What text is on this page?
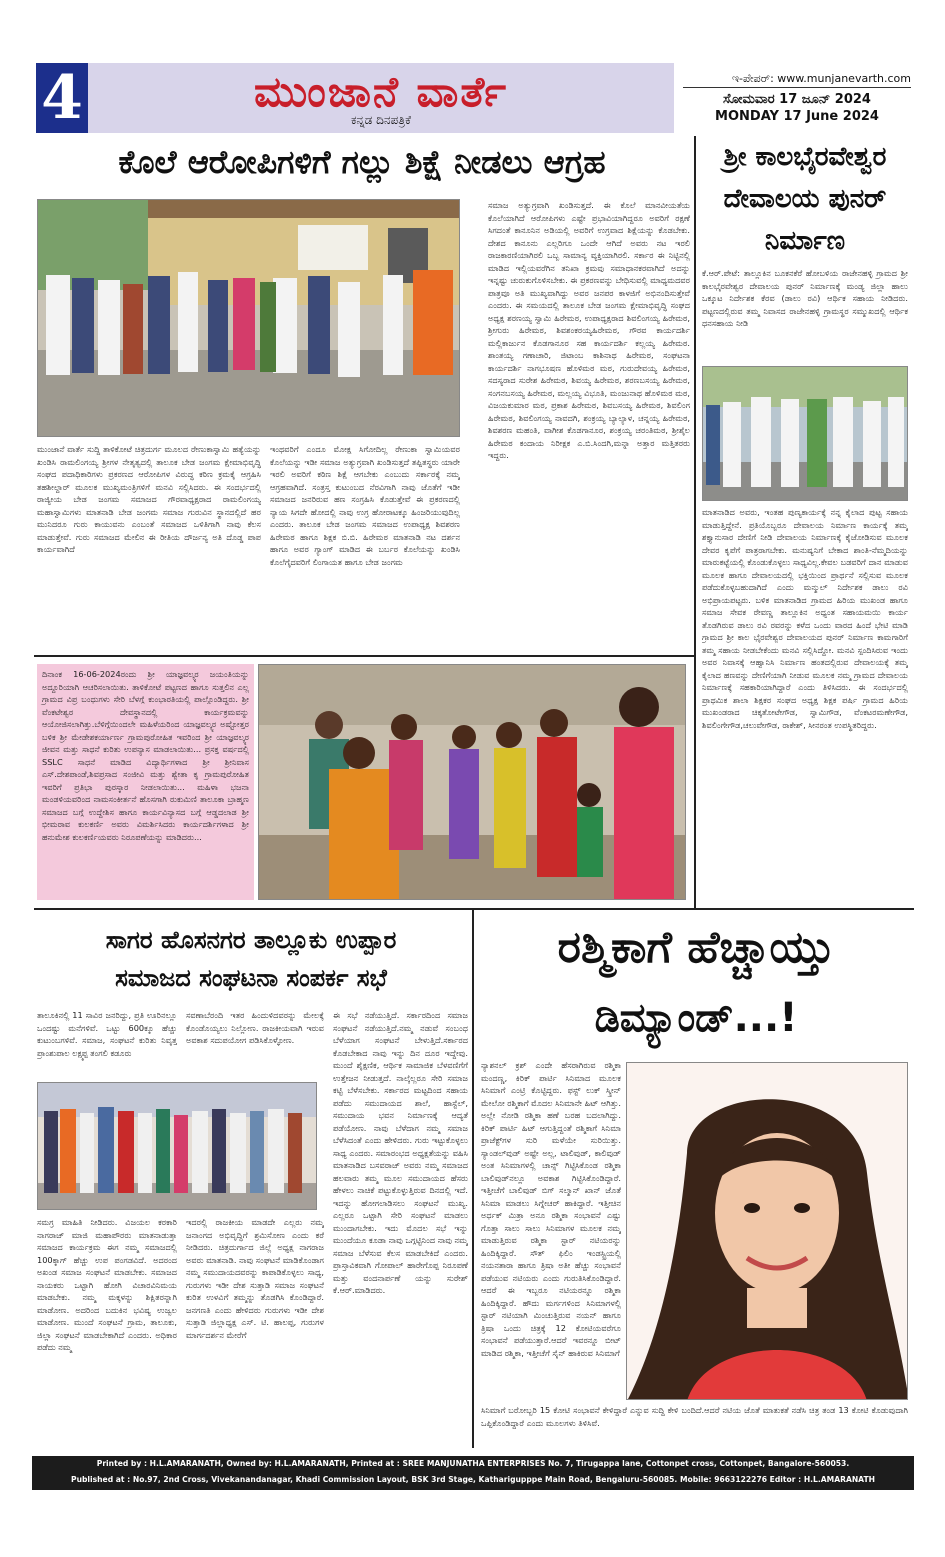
4	ಮುಂಜಾನೆ ವಾರ್ತೆ
ಕನ್ನಡ ದಿನಪತ್ರಿಕೆ
ಇ-ಪೇಪರ್: www.munjanevarth.com
ಸೋಮವಾರ 17 ಜೂನ್ 2024
MONDAY 17 June 2024
ಕೊಲೆ ಆರೋಪಿಗಳಿಗೆ ಗಲ್ಲು ಶಿಕ್ಷೆ ನೀಡಲು ಆಗ್ರಹ

ಮುಂಜಾನೆ ವಾರ್ತೆ ಸುದ್ದಿ ತಾಳಿಕೋಟೆ ಚಿತ್ರದುರ್ಗ ಮೂಲದ ರೇಣುಕಾಸ್ವಾಮಿ ಹತ್ಯೆಯನ್ನು ಖಂಡಿಸಿ ರಾಮಲಿಂಗಯ್ಯ ಶ್ರೀಗಳ ನೇತೃತ್ವದಲ್ಲಿ ತಾಲೂಕ ಬೇಡ ಜಂಗಮ ಕ್ಷೇಮಾಭಿವೃದ್ಧಿ ಸಂಘದ ಪದಾಧಿಕಾರಿಗಳು ಪ್ರಕರಣದ ಆರೋಪಿಗಳ ವಿರುದ್ಧ ಕಠಿಣ ಕ್ರಮಕೈ ಆಗ್ರಹಿಸಿ ತಹಶೀಲ್ದಾರ್ ಮೂಲಕ ಮುಖ್ಯಮಂತ್ರಿಗಳಿಗೆ ಮನವಿ ಸಲ್ಲಿಸಿದರು. ಈ ಸಂದರ್ಭದಲ್ಲಿ ರಾಜ್ಯೀಯ ಬೇಡ ಜಂಗಮ ಸಮಾಜದ ಗೌರವಾಧ್ಯಕ್ಷರಾದ ರಾಮಲಿಂಗಯ್ಯ ಮಹಾಸ್ವಾಮಿಗಳು ಮಾತನಾಡಿ ಬೇಡ ಜಂಗಮ ಸಮಾಜ ಗುರುವಿನ ಸ್ಥಾನದಲ್ಲಿದೆ ಹರ ಮುನಿದರೂ ಗುರು ಕಾಯುವನು ಎಂಬಂತೆ ಸಮಾಜದ ಒಳಿತಿಗಾಗಿ ನಾವು ಕೆಲಸ ಮಾಡುತ್ತೇವೆ. ಗುರು ಸಮಾಜದ ಮೇಲಿನ ಈ ರೀತಿಯ ದೌರ್ಜನ್ಯ ಅತಿ ದೊಡ್ಡ ಪಾಪ ಕಾರ್ಯವಾಗಿದೆ

ಇಂಥವರಿಗೆ ಎಂದೂ ಮೋಕ್ಷ ಸಿಗೋದಿಲ್ಲ ರೇಣುಕಾ ಸ್ವಾಮಿಯವರ ಕೊಲೆಯನ್ನು ಇಡೀ ಸಮಾಜ ಅತ್ಯುಗ್ರವಾಗಿ ಖಂಡಿಸುತ್ತದೆ ತಪ್ಪಿತಸ್ಥರು ಯಾರೇ ಇರಲಿ ಅವರಿಗೆ ಕಠಿಣ ಶಿಕ್ಷೆ ಆಗಬೇಕು ಎಂಬುದು ಸರ್ಕಾರಕ್ಕೆ ನಮ್ಮ ಆಗ್ರಹವಾಗಿದೆ. ಸಂತ್ರಸ್ತ ಕುಟುಂಬದ ನೆರವಿಗಾಗಿ ನಾವು ಜೊತೆಗೆ ಇಡೀ ಸಮಾಜದ ಜನರಿರುವ ಹಣ ಸಂಗ್ರಹಿಸಿ ಕೊಡುತ್ತೇವೆ ಈ ಪ್ರಕರಣದಲ್ಲಿ ನ್ಯಾಯ ಸಿಗದೇ ಹೋದಲ್ಲಿ ನಾವು ಉಗ್ರ ಹೋರಾಟಕ್ಕೂ ಹಿಂಜರಿಯುವುದಿಲ್ಲ ಎಂದರು. ತಾಲೂಕ ಬೇಡ ಜಂಗಮ ಸಮಾಜದ ಉಪಾಧ್ಯಕ್ಷ ಶಿವಶರಣ ಹಿರೇಮಠ ಹಾಗೂ ಶಿಕ್ಷಕ ಬಿ.ಬಿ. ಹಿರೇಮಠ ಮಾತನಾಡಿ ನಟ ದರ್ಶನ ಹಾಗೂ ಅವರ ಗ್ಯಾಂಗ್ ಮಾಡಿದ ಈ ಬರ್ಬರ ಕೊಲೆಯನ್ನು ಖಂಡಿಸಿ ಕೊಲೆಗೈದವರಿಗೆ ಲಿಂಗಾಯತ ಹಾಗೂ ಬೇಡ ಜಂಗಮ

ಸಮಾಜ ಅತ್ಯುಗ್ರವಾಗಿ ಖಂಡಿಸುತ್ತದೆ. ಈ ಕೊಲೆ ಮಾನವೀಯತೆಯ ಕೊಲೆಯಾಗಿದೆ ಆರೋಪಿಗಳು ಎಷ್ಟೇ ಪ್ರಭಾವಿಯಾಗಿದ್ದರೂ ಅವರಿಗೆ ರಕ್ಷಣೆ ಸಿಗದಂತೆ ಕಾನೂನಿನ ಅಡಿಯಲ್ಲಿ ಅವರಿಗೆ ಉಗ್ರವಾದ ಶಿಕ್ಷೆಯನ್ನು ಕೊಡಬೇಕು. ದೇಶದ ಕಾನೂನು ಎಲ್ಲರಿಗೂ ಒಂದೇ ಆಗಿದೆ ಅವರು ನಟ ಇರಲಿ ರಾಜಕಾರಣಿಯಾಗಿರಲಿ ಒಬ್ಬ ಸಾಮಾನ್ಯ ವ್ಯಕ್ತಿಯಾಗಿರಲಿ. ಸರ್ಕಾರ ಈ ನಿಟ್ಟಿನಲ್ಲಿ ಮಾಡಿದ ಇಲ್ಲಿಯವರೆಗಿನ ತನಿಖಾ ಕ್ರಮವು ಸಮಾಧಾನಕರವಾಗಿದೆ ಅದನ್ನು ಇನ್ನಷ್ಟು ಚುರುಕುಗೊಳಿಸಬೇಕು. ಈ ಪ್ರಕರಣವನ್ನು ಬೇಧಿಸುವಲ್ಲಿ ಮಾಧ್ಯಮದವರ ಪಾತ್ರವೂ ಅತಿ ಮುಖ್ಯವಾಗಿದ್ದು ಅವರ ಜನಪರ ಕಾಳಜಿಗೆ ಅಭಿನಂದಿಸುತ್ತೇವೆ ಎಂದರು. ಈ ಸಮಯದಲ್ಲಿ ತಾಲೂಕ ಬೇಡ ಜಂಗಮ ಕ್ಷೇಮಾಭಿವೃದ್ಧಿ ಸಂಘದ ಅಧ್ಯಕ್ಷ ಶರಣಯ್ಯ ಸ್ವಾಮಿ ಹಿರೇಮಠ, ಉಪಾಧ್ಯಕ್ಷರಾದ ಶಿವಲಿಂಗಯ್ಯ ಹಿರೇಮಠ, ಶ್ರೀಗುರು ಹಿರೇಮಠ, ಶಿವಶಂಕರಯ್ಯಹಿರೇಮಠ, ಗೌರವ ಕಾರ್ಯದರ್ಶಿ ಮಲ್ಲಿಕಾರ್ಜುನ ಕೊಡಗಾನೂರ ಸಹ ಕಾರ್ಯದರ್ಶಿ ಕಲ್ಲಯ್ಯ ಹಿರೇಮಠ. ಶಾಂತಯ್ಯ ಗಣಾಚಾರಿ, ಜಿಟಾಂಬ ಕಾಶಿನಾಥ ಹಿರೇಮಠ, ಸಂಘಟನಾ ಕಾರ್ಯದರ್ಶಿ ನಾಗಭೂಷಣ ಹೊಳಿಮಠ ಮಠ, ಗುರುದೇವಯ್ಯ ಹಿರೇಮಠ, ಸದಸ್ಯರಾದ ಸುರೇಶ ಹಿರೇಮಠ, ಶಿವಯ್ಯ ಹಿರೇಮಠ, ಶರಣಬಸಯ್ಯ ಹಿರೇಮಠ, ಸಂಗನಬಸಯ್ಯ ಹಿರೇಮಠ, ಮಲ್ಲಯ್ಯ ವಿಭೂತಿ, ಮಂಜುನಾಥ ಹೊಳಿಮಠ ಮಠ, ವಿಜಯಕುಮಾರ ಮಠ, ಪ್ರಕಾಶ ಹಿರೇಮಠ, ಶಿವಬಸಯ್ಯ ಹಿರೇಮಠ, ಶಿವಲಿಂಗ ಹಿರೇಮಠ, ಶಿವಲಿಂಗಯ್ಯ ನಾವದಗಿ, ಶಂಕ್ರಯ್ಯ ಬ್ಯಾಲ್ಯಾಳ, ಚನ್ನಯ್ಯ ಹಿರೇಮಠ, ಶಿವಶರಣ ಮಹಂತಿ, ವಾಗೀಶ ಕೊಡಗಾನೂರ, ಶಂಕ್ರಯ್ಯ ಚರಂತಿಮಠ, ಶ್ರೀಶೈಲ ಹಿರೇಮಠ ಕಂದಾಯ ನಿರೀಕ್ಷಕ ಎ.ಬಿ.ಸಿಂದಗಿ,ಮನ್ನಾ ಅತ್ತಾರ ಮತ್ತಿತರರು ಇದ್ದರು.

ಶ್ರೀ ಕಾಲಭೈರವೇಶ್ವರ ದೇವಾಲಯ ಪುನರ್ ನಿರ್ಮಾಣ

ಕೆ.ಆರ್.ಪೇಟೆ: ತಾಲ್ಲೂಕಿನ ಬೂಕನಕೆರೆ ಹೋಬಳಿಯ ರಾಜೇನಹಳ್ಳಿ ಗ್ರಾಮದ ಶ್ರೀ ಕಾಲಭೈರವೇಶ್ವರ ದೇವಾಲಯ ಪುನರ್ ನಿರ್ಮಾಣಕ್ಕೆ ಮಂಡ್ಯ ಜಿಲ್ಲಾ ಹಾಲು ಒಕ್ಕೂಟ ನಿರ್ದೇಶಕ ಕೆರವ (ಡಾಲು ರವಿ) ಆರ್ಥಿಕ ಸಹಾಯ ನೀಡಿದರು. ಪಟ್ಟಣದಲ್ಲಿರುವ ತಮ್ಮ ನಿವಾಸದ ರಾಜೇನಹಳ್ಳಿ ಗ್ರಾಮಸ್ಥರ ಸಮ್ಮುಖದಲ್ಲಿ ಆರ್ಥಿಕ ಧನಸಹಾಯ ನೀಡಿ

ಮಾತನಾಡಿದ ಅವರು, ಇಂತಹ ಪುಣ್ಯಕಾರ್ಯಕ್ಕೆ ನನ್ನ ಕೈಲಾದ ಪುಟ್ಟ ಸಹಾಯ ಮಾಡುತ್ತಿದ್ದೇನೆ. ಪ್ರತಿಯೊಬ್ಬರೂ ದೇವಾಲಯ ನಿರ್ಮಾಣ ಕಾರ್ಯಕ್ಕೆ ತಮ್ಮ ಶಕ್ತ್ಯಾನುಸಾರ ದೇಣಿಗೆ ನೀಡಿ ದೇವಾಲಯ ನಿರ್ಮಾಣಕ್ಕೆ ಕೈಜೋಡಿಸುವ ಮೂಲಕ ದೇವರ ಕೃಪೆಗೆ ಪಾತ್ರರಾಗಬೇಕು. ಮನುಷ್ಯನಿಗೆ ಬೇಕಾದ ಶಾಂತಿ-ನೆಮ್ಮದಿಯನ್ನು ಮಾರುಕಟ್ಟೆಯಲ್ಲಿ ಕೊಂಡುಕೊಳ್ಳಲು ಸಾಧ್ಯವಿಲ್ಲ.ಕೇವಲ ಬಡವರಿಗೆ ದಾನ ಮಾಡುವ ಮೂಲಕ ಹಾಗೂ ದೇವಾಲಯದಲ್ಲಿ ಭಕ್ತಿಯಿಂದ ಪ್ರಾರ್ಥನೆ ಸಲ್ಲಿಸುವ ಮೂಲಕ ಪಡೆದುಕೊಳ್ಳಬಹುದಾಗಿದೆ ಎಂದು ಮನ್ಮುಲ್ ನಿರ್ದೇಶಕ ಡಾಲು ರವಿ ಅಭಿಪ್ರಾಯಪಟ್ಟರು. ಬಳಿಕ ಮಾತನಾಡಿದ ಗ್ರಾಮದ ಹಿರಿಯ ಮುಖಂಡ ಹಾಗೂ ಸಮಾಜ ಸೇವಕ ರೇವಣ್ಣ ತಾಲ್ಲೂಕಿನ ಅಧ್ಯಂತ ಸಹಾಯಮಯಿ ಕಾರ್ಯ ತೊಡಗಿರುವ ಡಾಲು ರವಿ ರವರನ್ನು ಕಳೆದ ಒಂದು ವಾರದ ಹಿಂದೆ ಭೇಟಿ ಮಾಡಿ ಗ್ರಾಮದ ಶ್ರೀ ಕಾಲ ಭೈರವೇಶ್ವರ ದೇವಾಲಯದ ಪುನರ್ ನಿರ್ಮಾಣ ಕಾಮಗಾರಿಗೆ ತಮ್ಮ ಸಹಾಯ ನೀಡಬೇಕೆಂದು ಮನವಿ ಸಲ್ಲಿಸಿದ್ದೋ. ಮನವಿ ಸ್ಪಂದಿಸಿರುವ ಇಂದು ಅವರ ನಿವಾಸಕ್ಕೆ ಆಹ್ವಾನಿಸಿ ನಿರ್ಮಾಣ ಹಂತದಲ್ಲಿರುವ ದೇವಾಲಯಕ್ಕೆ ತಮ್ಮ ಕೈಲಾದ ಹಣವನ್ನು ದೇಣಿಗೆಯಾಗಿ ನೀಡುವ ಮೂಲಕ ನಮ್ಮ ಗ್ರಾಮದ ದೇವಾಲಯ ನಿರ್ಮಾಣಕ್ಕೆ ಸಹಕಾರಿಯಾಗಿದ್ದಾರೆ ಎಂದು ತಿಳಿಸಿದರು. ಈ ಸಂದರ್ಭದಲ್ಲಿ ಪ್ರಾಥಮಿಕ ಶಾಲಾ ಶಿಕ್ಷಕರ ಸಂಘದ ಅಧ್ಯಕ್ಷ ಶಿಕ್ಷಕ ಪರ್ಷಿ ಗ್ರಾಮದ ಹಿರಿಯ ಮುಖಂಡರಾದ ಚಿಕ್ಕತೋಟೇಗೌಡ, ಸ್ವಾಮಿಗೌಡ, ವೆಂಕಟರಮಣೇಗೌಡ, ಶಿವಲಿಂಗೇಗೌಡ,ಚಲುವೇಗೌಡ, ರಾಕೇಶ್, ಸೀನರಂತ ಉಪಸ್ಥಿತರಿದ್ದರು.

ದಿನಾಂಕ 16-06-2024ರಂದು ಶ್ರೀ ಯಾಜ್ಞವಲ್ಕ್ಯರ ಜಯಂತಿಯನ್ನು ಅದ್ದೂರಿಯಾಗಿ ಆಚರಿಸಲಾಯಿತು. ತಾಳಿಕೋಟೆ ಪಟ್ಟಣದ ಹಾಗೂ ಸುತ್ತಲಿನ ಎಲ್ಲ ಗ್ರಾಮದ ವಿಪ್ರ ಬಂಧುಗಳು ಸೇರಿ ಬೆಳಗ್ಗೆ ಕುಂಭಾರತಿಯಲ್ಲಿ ಪಾಲ್ಗೊಂಡಿದ್ದರು. ಶ್ರೀ ವೆಂಕಟೇಶ್ವರ ದೇವಸ್ಥಾನದಲ್ಲಿ ಕಾರ್ಯಕ್ರಮವನ್ನು ಆಯೋಜಿಸಲಾಗಿತ್ತು.ಬೆಳಿಗ್ಗೆಯಿಂದಲೇ ಮಹಿಳೆಯರಿಂದ ಯಾಜ್ಞವಲ್ಕ್ಯರ ಅಷ್ಟೋತ್ತರ ಬಳಿಕ ಶ್ರೀ ಮೇಡೇಶಕರ್ಯಾರ್ಣ ಗ್ರಾಮಪುರೋಹಿತ ಇವರಿಂದ ಶ್ರೀ ಯಾಜ್ಞವಲ್ಕ್ಯರ ಜೀವನ ಮತ್ತು ಸಾಧನೆ ಕುರಿತು ಉಪನ್ಯಾಸ ಮಾಡಲಾಯಿತು... ಪ್ರಸಕ್ತ ವರ್ಷದಲ್ಲಿ SSLC ಸಾಧನೆ ಮಾಡಿದ ವಿದ್ಯಾರ್ಥಿಗಳಾದ ಶ್ರೀ ಶ್ರೀನಿವಾಸ ಎಸ್.ದೇಶಪಾಂಡೆ,ಶಿವಪ್ರಸಾದ ಸಂಜೀವಿ ಮತ್ತು ಶ್ವೇತಾ ಕೃ ಗ್ರಾಮಪುರೋಹಿತ ಇವರಿಗೆ ಪ್ರತಿಭಾ ಪುರಸ್ಕಾರ ನೀಡಲಾಯಿತು... ಮಹಿಳಾ ಭಜನಾ ಮಂಡಳಿಯವರಿಂದ ನಾಮಸಂಕೀರ್ತನೆ ಹೊಸಗಾಗಿ ರುಕುಮಿಣಿ ತಾಲೂಕಾ ಬ್ರಾಹ್ಮಣ ಸಮಾಜದ ಬಗ್ಗೆ ಉದ್ದೇಶಿಸ ಹಾಗೂ ಕಾರ್ಯವಿನ್ಯಾಸದ ಬಗ್ಗೆ ಆಡ್ಡದಲಾಡ ಶ್ರೀ ಭೀಮರಾವ ಕುಲಕರ್ಣಿ ಅವರು ವಿಮರ್ಶಿಸಿದರು ಕಾರ್ಯದರ್ಶಿಗಳಾದ ಶ್ರೀ ಹನುಮೇಶ ಕುಲಕರ್ಣಿಯವರು ನಿರೂಪಣೆಯನ್ನು ಮಾಡಿದರು...

ಸಾಗರ ಹೊಸನಗರ ತಾಲ್ಲೂಕು ಉಪ್ಪಾರ
ಸಮಾಜದ ಸಂಘಟನಾ ಸಂಪರ್ಕ ಸಭೆ

ತಾಲೂಕಿನಲ್ಲಿ 11 ಸಾವಿರ ಜನರಿದ್ದು, ಪ್ರತಿ ಊರಿನಲ್ಲೂ ಒಂದಷ್ಟು ಮನೆಗಳಿವೆ. ಒಟ್ಟು 600ಕ್ಕೂ ಹೆಚ್ಚು ಕುಟುಂಬಗಳಿವೆ. ಸಮಾಜ, ಸಂಘಟನೆ ಕುರಿತು ನಿವೃತ್ತ ಪ್ರಾಂಶುಪಾಲ ಲಕ್ಷ್ಮಪ್ಪ ತಂಗಲಿ ಕಡೂರು

ಸವಣಾಬೆರಂದಿ ಇತರ ಹಿಂದುಳಿದವರನ್ನು ಮೇಲಕ್ಕೆ ಕೊಂಡೊಯ್ಯಲು ನಿಲ್ಲೋಣ. ರಾಜಕೀಯವಾಗಿ ಇರುವ ಅವಕಾಶ ಸದುಪಯೋಗ ಪಡಿಸಿಕೊಳ್ಳೋಣ.

ಈ ಸಭೆ ನಡೆಯುತ್ತಿದೆ. ಸರ್ಕಾರದಿಂದ ಸಮಾಜ ಸಂಘಟನೆ ನಡೆಯುತ್ತಿದೆ.ನಮ್ಮ ನಡುವೆ ಸಂಬಂಧ ಬೆಳೆಯಾಗ ಸಂಘಟನೆ ಬೇಳುತ್ತಿದೆ.ಸರ್ಕಾರದ ಕೊಡಬೇಕಾದ ನಾವು ಇನ್ನು ದಿನ ದೂರ ಇದ್ದೇವು. ಮುಂದೆ ಶೈಕ್ಷಣಿಕ, ಆರ್ಥಿಕ ಸಾಮಾಜಿಕ ಬೆಳವಣಿಗೆಗೆ ಉತ್ತೇಜನ ನೀಡುತ್ತದೆ. ನಾಲ್ಕೆಲ್ಲರೂ ಸೇರಿ ಸಮಾಜ ಕಟ್ಟಿ ಬೆಳೆಸಬೇಕು. ಸರ್ಕಾರದ ಮಟ್ಟದಿಂದ ಸಹಾಯ ಪಡೆದು ಸಮುದಾಯದ ಶಾಲೆ, ಹಾಸ್ಟೆಲ್, ಸಮುದಾಯ ಭವನ ನಿರ್ಮಾಣಕ್ಕೆ ಆದ್ಯತೆ ಪಡೆಯೋಣ. ನಾವು ಬೆಳೆದಾಗ ನಮ್ಮ ಸಮಾಜ ಬೆಳೆಸಿದಂತೆ ಎಂದು ಹೇಳಿದರು. ಗುರು ಇಟ್ಟುಕೊಳ್ಳಲು ಸಾಧ್ಯ ಎಂದರು. ಸಮಾರಂಭದ ಅಧ್ಯಕ್ಷತೆಯನ್ನು ವಹಿಸಿ ಮಾತನಾಡಿದ ಬಸವರಾಜ್ ಅವರು ನಮ್ಮ ಸಮಾಜದ ಹಲವಾರು ತಮ್ಮ ಮೂಲ ಸಮುದಾಯದ ಹೆಸರು ಹೇಳಲು ನಾಚಿಕೆ ಪಟ್ಟುಕೊಳ್ಳುತ್ತಿರುವ ದಿನದಲ್ಲಿ ಇದೆ. ಇದನ್ನು ಹೋಗಲಾಡಿಸಲು ಸಂಘಟನೆ ಮುಖ್ಯ. ಎಲ್ಲರೂ ಒಟ್ಟಾಗಿ ಸೇರಿ ಸಂಘಟನೆ ಮಾಡಲು ಮುಂದಾಗಬೇಕು. ಇದು ಮೊದಲ ಸಭೆ ಇನ್ನು ಮುಂದೆಯೂ ಕೂಡಾ ನಾವು ಒಗ್ಗಟ್ಟಿನಿಂದ ನಾವು ನಮ್ಮ ಸಮಾಜ ಬೆಳೆಸುವ ಕೆಲಸ ಮಾಡಬೇಕಿದೆ ಎಂದರು. ಪ್ರಾಸ್ತಾವಿಕವಾಗಿ ಗೋಪಾಲ್ ಹಾರೇಗೊಪ್ಪ ನಿರೂಪಣೆ ಮತ್ತು ವಂದನಾರ್ಪಣೆ ಯನ್ನು ಸುರೇಶ್ ಕೆ.ಆರ್.ಮಾಡಿದರು.

ಸಮಗ್ರ ಮಾಹಿತಿ ನೀಡಿದರು. ವಿಜಯಲ ಕರಕಾರಿ ನಾಗರಾಜ್ ಮಾಜಿ ಮಹಾಪೌರರು ಮಾತನಾಡುತ್ತಾ ಸಮಾಜದ ಕಾರ್ಯಕ್ರಮ ಈಗ ನಮ್ಮ ಸಮಾಜದಲ್ಲಿ 100ಕ್ಕಾಗ್ ಹೆಚ್ಚು ಉಪ ಪಂಗಡವಿದೆ. ಅದರಂದ ಅಖಂಡ ಸಮಾಜ ಸಂಘಟನೆ ಮಾಡಬೇಕು. ಸಮಾಜದ ನಾಯಕರು ಒಟ್ಟಾಗಿ ಹೋಗಿ ವಿಚಾರವಿನಿಮಯ ಮಾಡಬೇಕು. ನಮ್ಮ ಮಕ್ಕಳನ್ನು ಶಿಕ್ಷಿತರನ್ನಾಗಿ ಮಾಡೋಣ. ಅದರಿಂದ ಬದುಕಿನ ಭವಿಷ್ಯ ಉಜ್ವಲ ಮಾಡೋಣ. ಮುಂದೆ ಸಂಘಟನೆ ಗ್ರಾಮ, ತಾಲೂಕು, ಜಿಲ್ಲಾ ಸಂಘಟನೆ ಮಾಡಬೇಕಾಗಿದೆ ಎಂದರು. ಅಧಿಕಾರ ಪಡೆದು ನಮ್ಮ

ಇದರಲ್ಲಿ ರಾಜಕೀಯ ಮಾಡದೇ ಎಲ್ಲರು ನಮ್ಮ ಜನಾಂಗದ ಅಭಿವೃದ್ಧಿಗೆ ಶ್ರಮಿಸೋಣ ಎಂದು ಕರೆ ನೀಡಿದರು. ಚಿತ್ರದುರ್ಗಾದ ಜಿಲ್ಲೆ ಅಧ್ಯಕ್ಷ ನಾಗರಾಜ ಅವರು ಮಾತನಾಡಿ. ನಾವು ಸಂಘಟನೆ ಮಾಡಿಕೊಂಡಾಗ ನಮ್ಮ ಸಮುದಾಯದವರನ್ನು ಕಾಪಾಡಿಕೊಳ್ಳಲು ಸಾಧ್ಯ, ಗುರುಗಳು ಇಡೀ ದೇಶ ಸುತ್ತಾಡಿ ಸಮಾಜ ಸಂಘಟನೆ ಕುರಿತ ಉಳವಿಗೆ ತಮ್ಮನ್ನು ತೊಡಗಿಸಿ ಕೊಂಡಿದ್ದಾರೆ. ಜನಗಣತಿ ಎಂದು ಹೇಳಿದರು ಗುರುಗಳು ಇಡೀ ದೇಶ ಸುತ್ತಾಡಿ ಜಿಲ್ಲಾಧ್ಯಕ್ಷ ಎಸ್. ಟಿ. ಹಾಲಪ್ಪ, ಗುರುಗಳ ಮಾರ್ಗದರ್ಶನ ಮೇರೆಗೆ

ರಶ್ಮಿಕಾಗೆ ಹೆಚ್ಚಾಯ್ತು
ಡಿಮ್ಯಾಂಡ್...!

ನ್ಯಾಶನಲ್ ಕ್ರಶ್ ಎಂದೇ ಹೆಸರಾಗಿರುವ ರಶ್ಮಿಕಾ ಮಂದಣ್ಣ, ಕಿರಿಕ್ ಪಾರ್ಟಿ ಸಿನಿಮಾದ ಮೂಲಕ ಸಿನಿಮಾಗೆ ಎಂಟ್ರಿ ಕೊಟ್ಟಿದ್ದರು. ಫಸ್ಟ್ ಲುಕ್ ಸ್ಕ್ರೀನ್ ಮೇಲೋ ರಶ್ಮಿಕಾಗೆ ಮೊದಲ ಸಿನಿಮಾನೇ ಹಿಟ್ ಆಗಿತ್ತು. ಅಲ್ಲೇ ನೋಡಿ ರಶ್ಮಿಕಾ ಹಣೆ ಬರಹ ಬದಲಾಗಿದ್ದು. ಕಿರಿಕ್ ಪಾರ್ಟಿ ಹಿಟ್ ಆಗುತ್ತಿದ್ದಂತೆ ರಶ್ಮಿಕಾಗೆ ಸಿನಿಮಾ ಪ್ರಾಜೆಕ್ಟ್‌ಗಳ ಸುರಿ ಮಳೆಯೇ ಸುರಿಯಿತ್ತು. ಸ್ಯಾಂಡಲ್‌ವುಡ್ ಅಷ್ಟೇ ಅಲ್ಲ, ಟಾಲಿವುಡ್, ಕಾಲಿವುಡ್ ಅಂತ ಸಿನಿಮಾಗಳಲ್ಲಿ ಚಾನ್ಸ್ ಗಿಟ್ಟಿಸಿಕೊಂಡ ರಶ್ಮಿಕಾ ಬಾಲಿವುಡ್‌ನಲ್ಲೂ ಅವಕಾಶ ಗಿಟ್ಟಿಸಿಕೊಂಡಿದ್ದಾರೆ. ಇತ್ತೀಚೆಗೆ ಬಾಲಿವುಡ್ ಬಿಗ್ ಸಲ್ಮಾನ್ ಖಾನ್ ಜೊತೆ ಸಿನಿಮಾ ಮಾಡಲು ಸಿಗ್ನೇಚರ್ ಹಾಕಿದ್ದಾರೆ. ಇತ್ತೀಚಿನ ಅರ್ಧಕ್ ಮಿತ್ರಾ ಅನೂ ರಶ್ಮಿಕಾ ಸಂಭಾವನೆ ಎಷ್ಟು ಗೊತ್ತಾ ಸಾಲು ಸಾಲು ಸಿನಿಮಾಗಳ ಮೂಲಕ ನಮ್ಮ ಮಾಡುತ್ತಿರುವ ರಶ್ಮಿಕಾ ಸ್ಟಾರ್ ನಟಿಯರನ್ನು ಹಿಂದಿಕ್ಕಿದ್ದಾರೆ. ಸೌತ್ ಫಿಲಿಂ ಇಂಡಸ್ಟ್ರಿಯಲ್ಲಿ ನಯನತಾರಾ ಹಾಗೂ ತ್ರಿಷಾ ಅತೀ ಹೆಚ್ಚು ಸಂಭಾವನೆ ಪಡೆಯುವ ನಟಿಯರು ಎಂದು ಗುರುತಿಸಿಕೊಂಡಿದ್ದಾರೆ. ಆದರೆ ಈ ಇಬ್ಬರೂ ನಟಿಯರನ್ನೂ ರಶ್ಮಿಕಾ ಹಿಂದಿಕ್ಕಿದ್ದಾರೆ. ಹೌದು ಮರ್ಗಗಳಿಂದ ಸಿನಿಮಾಗಳಲ್ಲಿ ಸ್ಟಾರ್ ನಟಿಯಾಗಿ ಮಿಂಚುತ್ತಿರುವ ನಯನ್ ಹಾಗೂ ತ್ರಿಷಾ ಒಂದು ಚಿತ್ರಕ್ಕೆ 12 ಕೋಟಿಯವರೆಗೂ ಸಂಭಾವನೆ ಪಡೆಯುತ್ತಾರೆ.ಆದರೆ ಇವರನ್ನೂ ಬೀಟ್ ಮಾಡಿದ ರಶ್ಮಿಕಾ, ಇತ್ತೀಚೆಗೆ ಸೈನ್ ಹಾಕಿರುವ ಸಿನಿಮಾಗೆ

ಸಿನಿಮಾಗೆ ಬರೋಬ್ಬರಿ 15 ಕೋಟಿ ಸಂಭಾವನೆ ಕೇಳಿದ್ದಾರೆ ಎನ್ನುವ ಸುದ್ದಿ ಕೇಳಿ ಬಂದಿದೆ.ಆದರೆ ನಟಿಯ ಜೊತೆ ಮಾತುಕತೆ ನಡೆಸಿ ಚಿತ್ರ ತಂಡ 13 ಕೋಟಿ ಕೊಡುವುದಾಗಿ ಒಪ್ಪಿಕೊಂಡಿದ್ದಾರೆ ಎಂದು ಮೂಲಗಳು ತಿಳಿಸಿವೆ.

Printed by : H.L.AMARANATH, Owned by: H.L.AMARANATH, Printed at : SREE MANJUNATHA ENTERPRISES No. 7, Tirugappa lane, Cottonpet cross, Cottonpet, Bangalore-560053.
Published at : No.97, 2nd Cross, Vivekanandanagar, Khadi Commission Layout, BSK 3rd Stage, Katharigupppe Main Road, Bengaluru-560085. Mobile: 9663122276 Editor : H.L.AMARANATH
